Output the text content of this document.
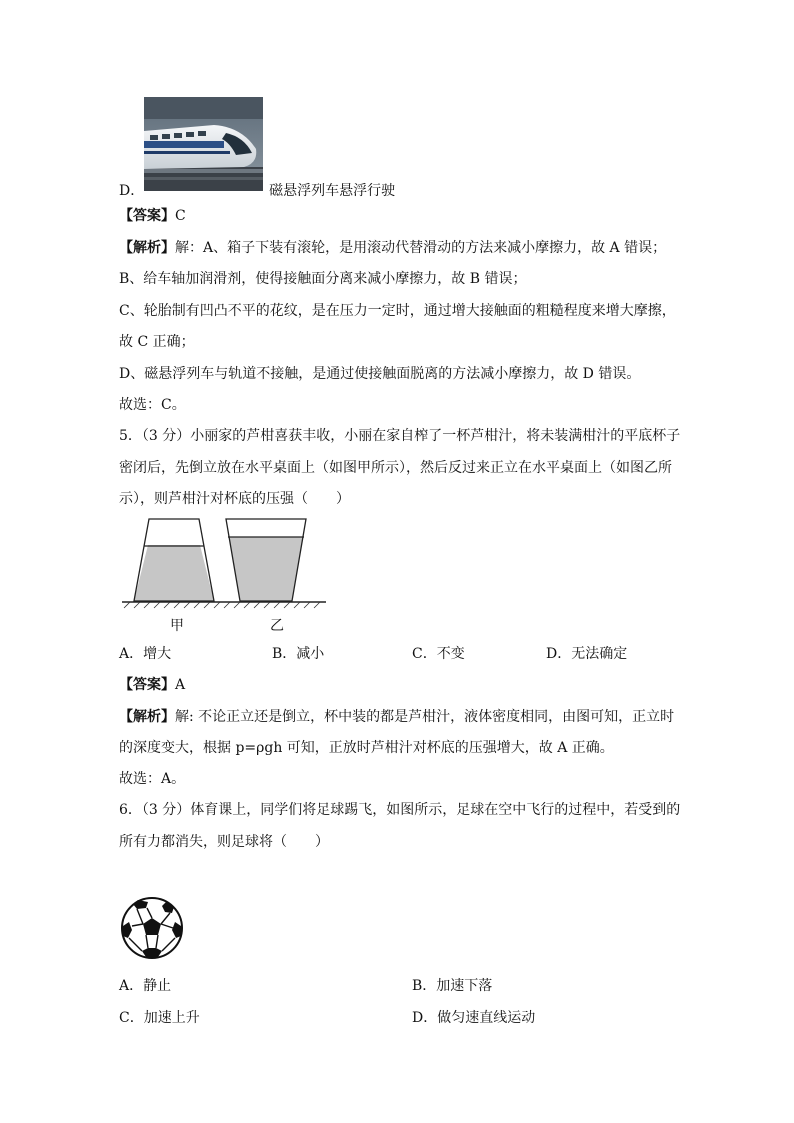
D．	磁悬浮列车悬浮行驶
【答案】C
【解析】解：A、箱子下装有滚轮，是用滚动代替滑动的方法来减小摩擦力，故 A 错误；
B、给车轴加润滑剂，使得接触面分离来减小摩擦力，故 B 错误；
C、轮胎制有凹凸不平的花纹，是在压力一定时，通过增大接触面的粗糙程度来增大摩擦，
故 C 正确；
D、磁悬浮列车与轨道不接触，是通过使接触面脱离的方法减小摩擦力，故 D 错误。
故选：C。
5．（3 分）小丽家的芦柑喜获丰收，小丽在家自榨了一杯芦柑汁，将未装满柑汁的平底杯子
密闭后，先倒立放在水平桌面上（如图甲所示），然后反过来正立在水平桌面上（如图乙所
示），则芦柑汁对杯底的压强（　　）
甲	乙
A．增大	B．减小	C．不变	D．无法确定
【答案】A
【解析】解: 不论正立还是倒立，杯中装的都是芦柑汁，液体密度相同，由图可知，正立时
的深度变大，根据 p=ρgh 可知，正放时芦柑汁对杯底的压强增大，故 A 正确。
故选：A。
6．（3 分）体育课上，同学们将足球踢飞，如图所示，足球在空中飞行的过程中，若受到的
所有力都消失，则足球将（　　）
A．静止	B．加速下落
C．加速上升	D．做匀速直线运动
